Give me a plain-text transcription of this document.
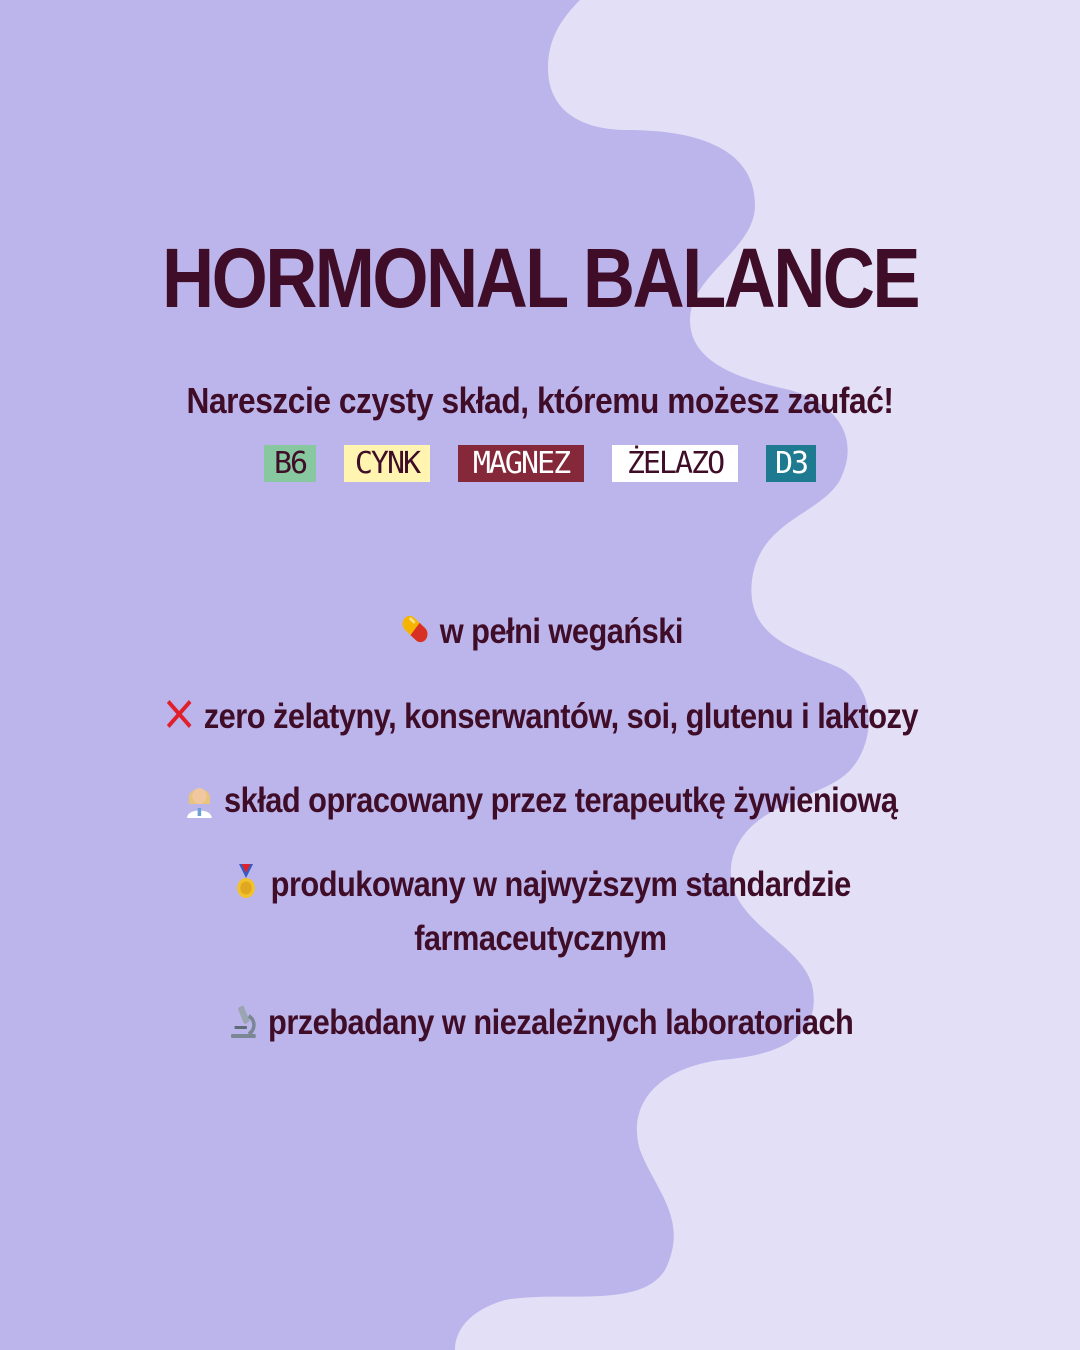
HORMONAL BALANCE
Nareszcie czysty skład, któremu możesz zaufać!
B6	CYNK	MAGNEZ	ŻELAZO	D3
w pełni wegański
zero żelatyny, konserwantów, soi, glutenu i laktozy
skład opracowany przez terapeutkę żywieniową
produkowany w najwyższym standardzie
farmaceutycznym
przebadany w niezależnych laboratoriach
